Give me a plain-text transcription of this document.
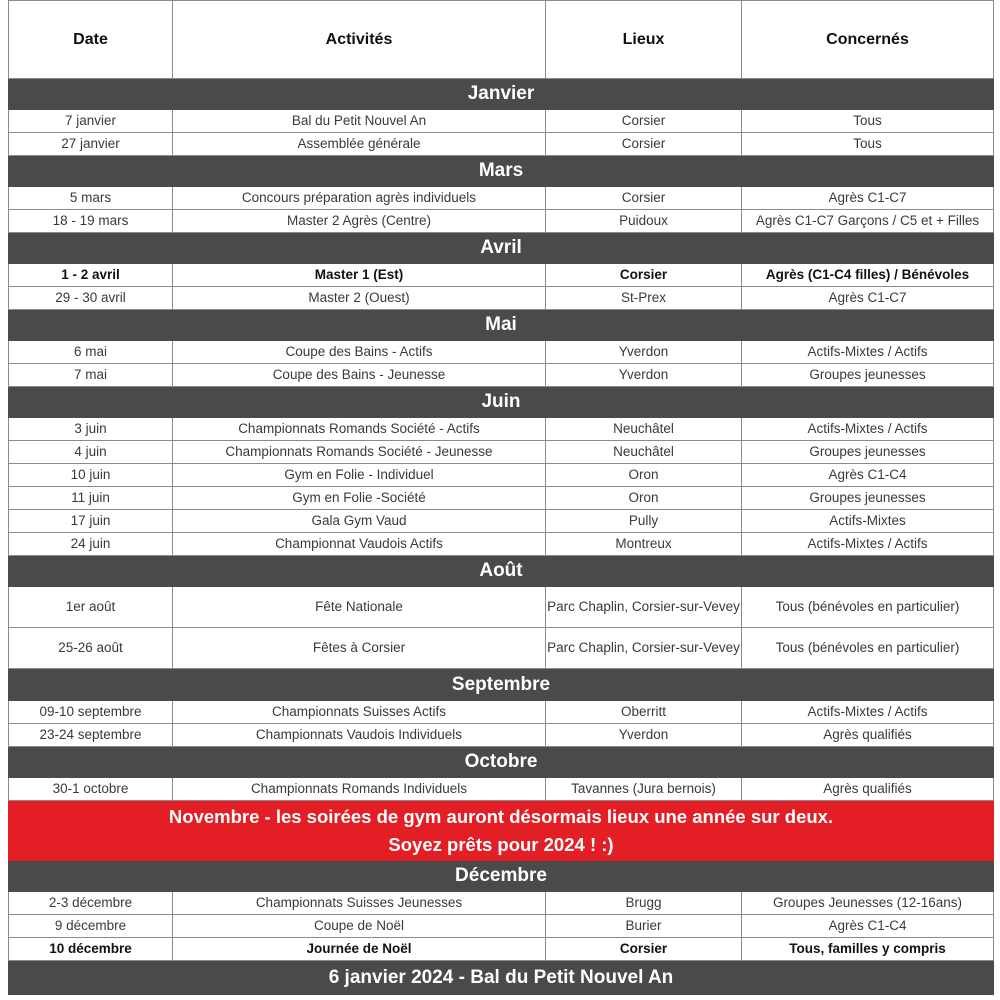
Date	Activités	Lieux	Concernés
Janvier			
7 janvier	Bal du Petit Nouvel An	Corsier	Tous
27 janvier	Assemblée générale	Corsier	Tous
Mars			
5 mars	Concours préparation agrès individuels	Corsier	Agrès C1-C7
18 - 19 mars	Master 2 Agrès (Centre)	Puidoux	Agrès C1-C7 Garçons / C5 et + Filles
Avril			
1 - 2 avril	Master 1 (Est)	Corsier	Agrès (C1-C4 filles) / Bénévoles
29 - 30 avril	Master 2 (Ouest)	St-Prex	Agrès C1-C7
Mai			
6 mai	Coupe des Bains - Actifs	Yverdon	Actifs-Mixtes / Actifs
7 mai	Coupe des Bains - Jeunesse	Yverdon	Groupes jeunesses
Juin			
3 juin	Championnats Romands Société - Actifs	Neuchâtel	Actifs-Mixtes / Actifs
4 juin	Championnats Romands Société - Jeunesse	Neuchâtel	Groupes jeunesses
10 juin	Gym en Folie - Individuel	Oron	Agrès C1-C4
11 juin	Gym en Folie -Société	Oron	Groupes jeunesses
17 juin	Gala Gym Vaud	Pully	Actifs-Mixtes
24 juin	Championnat Vaudois Actifs	Montreux	Actifs-Mixtes / Actifs
Août			
1er août	Fête Nationale	Parc Chaplin, Corsier-sur-Vevey	Tous (bénévoles en particulier)
25-26 août	Fêtes à Corsier	Parc Chaplin, Corsier-sur-Vevey	Tous (bénévoles en particulier)
Septembre			
09-10 septembre	Championnats Suisses Actifs	Oberritt	Actifs-Mixtes / Actifs
23-24 septembre	Championnats Vaudois Individuels	Yverdon	Agrès qualifiés
Octobre			
30-1 octobre	Championnats Romands Individuels	Tavannes (Jura bernois)	Agrès qualifiés

Novembre - les soirées de gym auront désormais lieux une année sur deux.
Soyez prêts pour 2024 ! :)			

Décembre			
2-3 décembre	Championnats Suisses Jeunesses	Brugg	Groupes Jeunesses (12-16ans)
9 décembre	Coupe de Noël	Burier	Agrès C1-C4
10 décembre	Journée de Noël	Corsier	Tous, familles y compris
6 janvier 2024 - Bal du Petit Nouvel An			
